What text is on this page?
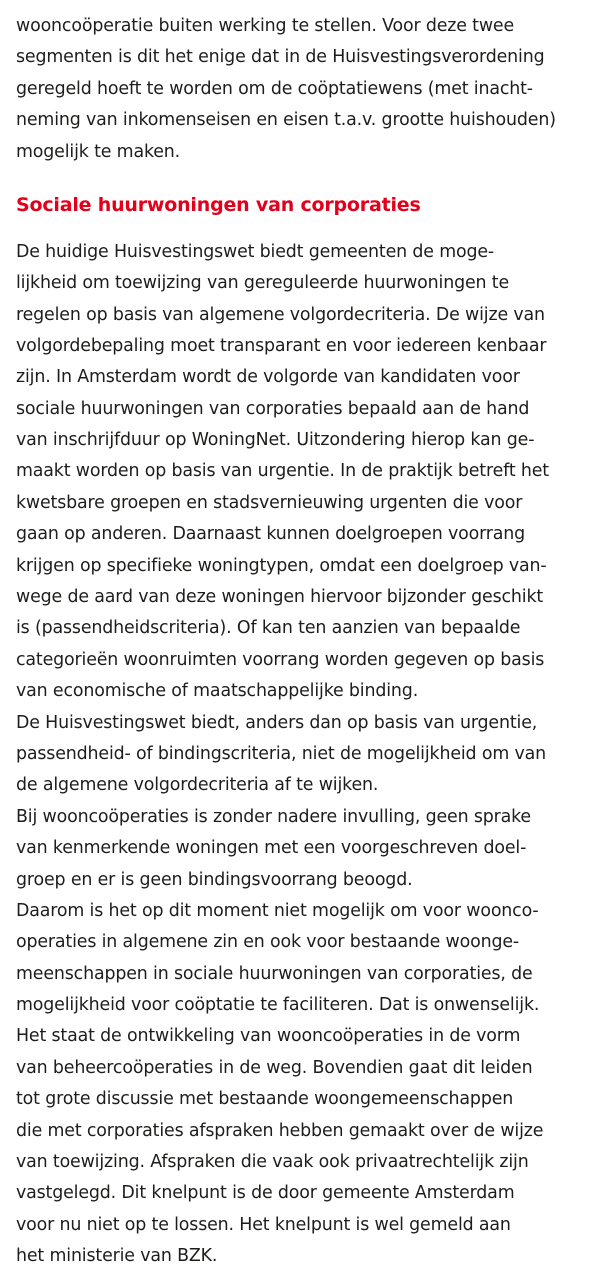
wooncoöperatie buiten werking te stellen. Voor deze twee
segmenten is dit het enige dat in de Huisvestingsverordening
geregeld hoeft te worden om de coöptatiewens (met inacht-
neming van inkomenseisen en eisen t.a.v. grootte huishouden)
mogelijk te maken.
Sociale huurwoningen van corporaties
De huidige Huisvestingswet biedt gemeenten de moge-
lijkheid om toewijzing van gereguleerde huurwoningen te
regelen op basis van algemene volgordecriteria. De wijze van
volgordebepaling moet transparant en voor iedereen kenbaar
zijn. In Amsterdam wordt de volgorde van kandidaten voor
sociale huurwoningen van corporaties bepaald aan de hand
van inschrijfduur op WoningNet. Uitzondering hierop kan ge-
maakt worden op basis van urgentie. In de praktijk betreft het
kwetsbare groepen en stadsvernieuwing urgenten die voor
gaan op anderen. Daarnaast kunnen doelgroepen voorrang
krijgen op specifieke woningtypen, omdat een doelgroep van-
wege de aard van deze woningen hiervoor bijzonder geschikt
is (passendheidscriteria). Of kan ten aanzien van bepaalde
categorieën woonruimten voorrang worden gegeven op basis
van economische of maatschappelijke binding.
De Huisvestingswet biedt, anders dan op basis van urgentie,
passendheid- of bindingscriteria, niet de mogelijkheid om van
de algemene volgordecriteria af te wijken.
Bij wooncoöperaties is zonder nadere invulling, geen sprake
van kenmerkende woningen met een voorgeschreven doel-
groep en er is geen bindingsvoorrang beoogd.
Daarom is het op dit moment niet mogelijk om voor woonco-
operaties in algemene zin en ook voor bestaande woonge-
meenschappen in sociale huurwoningen van corporaties, de
mogelijkheid voor coöptatie te faciliteren. Dat is onwenselijk.
Het staat de ontwikkeling van wooncoöperaties in de vorm
van beheercoöperaties in de weg. Bovendien gaat dit leiden
tot grote discussie met bestaande woongemeenschappen
die met corporaties afspraken hebben gemaakt over de wijze
van toewijzing. Afspraken die vaak ook privaatrechtelijk zijn
vastgelegd. Dit knelpunt is de door gemeente Amsterdam
voor nu niet op te lossen. Het knelpunt is wel gemeld aan
het ministerie van BZK.
